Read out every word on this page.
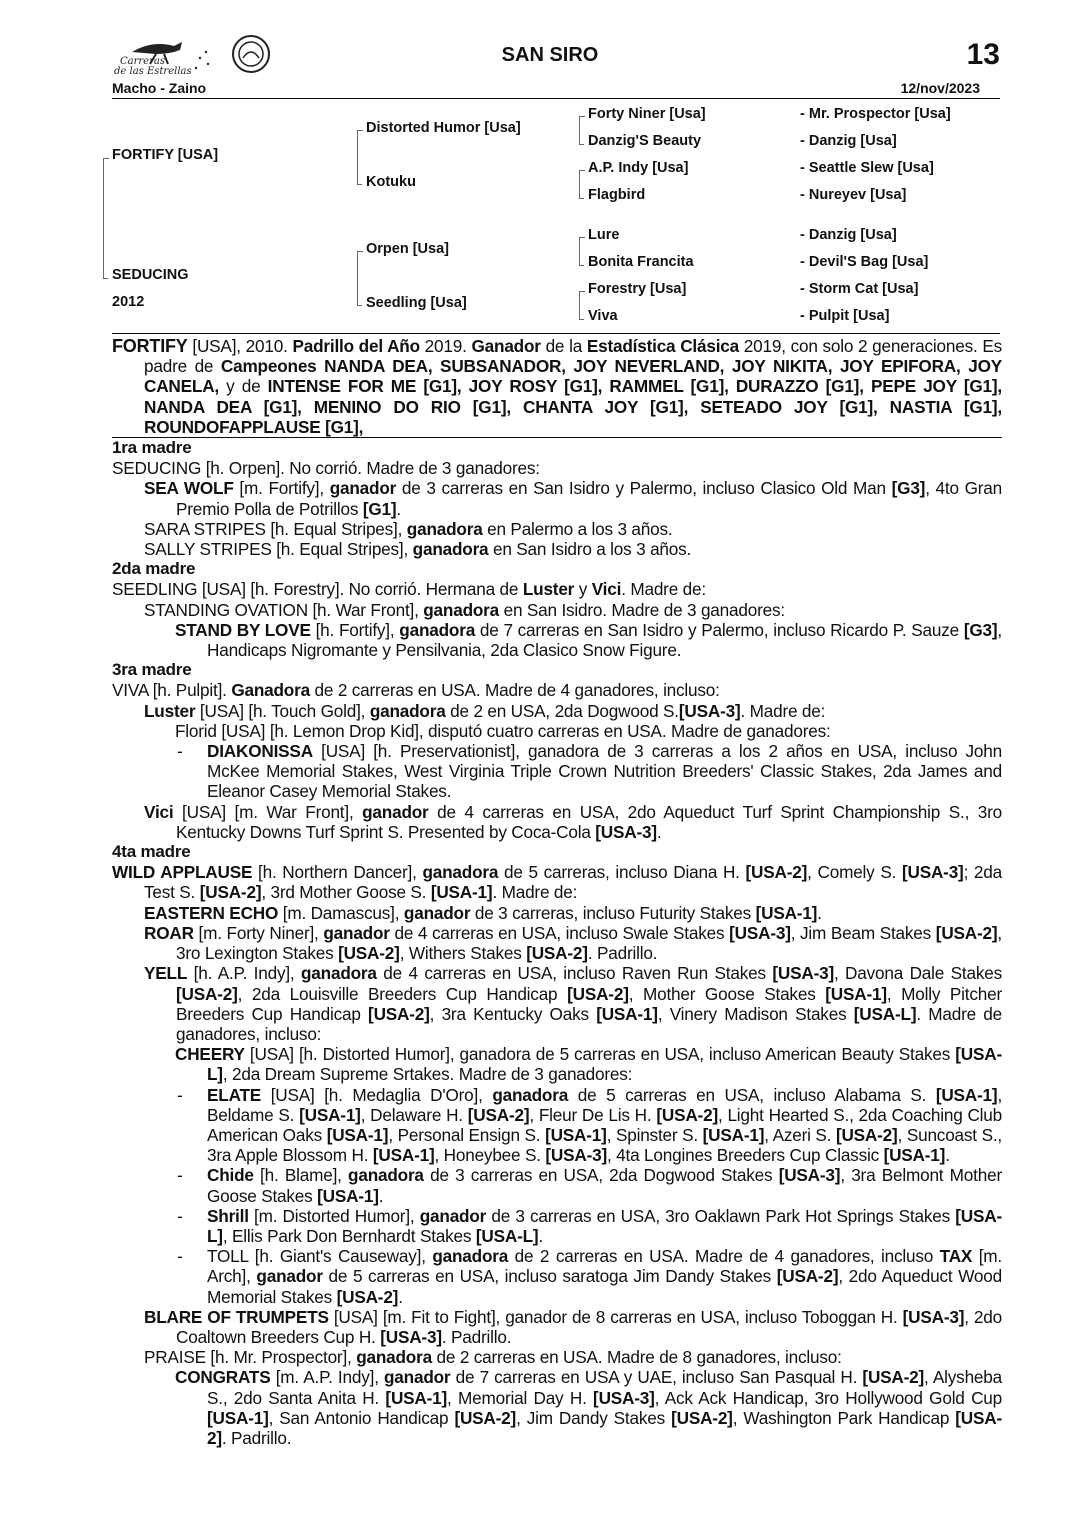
Carreras
de las Estrellas
SAN SIRO	13
Macho - Zaino	12/nov/2023
FORTIFY [USA]
SEDUCING
2012
Distorted Humor [Usa]
Kotuku
Orpen [Usa]
Seedling [Usa]
Forty Niner [Usa]
Danzig'S Beauty
A.P. Indy [Usa]
Flagbird
Lure
Bonita Francita
Forestry [Usa]
Viva
- Mr. Prospector [Usa]
- Danzig [Usa]
- Seattle Slew [Usa]
- Nureyev [Usa]
- Danzig [Usa]
- Devil'S Bag [Usa]
- Storm Cat [Usa]
- Pulpit [Usa]

FORTIFY [USA], 2010. Padrillo del Año 2019. Ganador de la Estadística Clásica 2019, con solo 2 generaciones. Es padre de Campeones NANDA DEA, SUBSANADOR, JOY NEVERLAND, JOY NIKITA, JOY EPIFORA, JOY CANELA, y de INTENSE FOR ME [G1], JOY ROSY [G1], RAMMEL [G1], DURAZZO [G1], PEPE JOY [G1], NANDA DEA [G1], MENINO DO RIO [G1], CHANTA JOY [G1], SETEADO JOY [G1], NASTIA [G1], ROUNDOFAPPLAUSE [G1],

1ra madre

SEDUCING [h. Orpen]. No corrió. Madre de 3 ganadores:

SEA WOLF [m. Fortify], ganador de 3 carreras en San Isidro y Palermo, incluso Clasico Old Man [G3], 4to Gran Premio Polla de Potrillos [G1].

SARA STRIPES [h. Equal Stripes], ganadora en Palermo a los 3 años.

SALLY STRIPES [h. Equal Stripes], ganadora en San Isidro a los 3 años.

2da madre

SEEDLING [USA] [h. Forestry]. No corrió. Hermana de Luster y Vici. Madre de:

STANDING OVATION [h. War Front], ganadora en San Isidro. Madre de 3 ganadores:

STAND BY LOVE [h. Fortify], ganadora de 7 carreras en San Isidro y Palermo, incluso Ricardo P. Sauze [G3], Handicaps Nigromante y Pensilvania, 2da Clasico Snow Figure.

3ra madre

VIVA [h. Pulpit]. Ganadora de 2 carreras en USA. Madre de 4 ganadores, incluso:

Luster [USA] [h. Touch Gold], ganadora de 2 en USA, 2da Dogwood S.[USA-3]. Madre de:

Florid [USA] [h. Lemon Drop Kid], disputó cuatro carreras en USA. Madre de ganadores:

- DIAKONISSA [USA] [h. Preservationist], ganadora de 3 carreras a los 2 años en USA, incluso John McKee Memorial Stakes, West Virginia Triple Crown Nutrition Breeders' Classic Stakes, 2da James and Eleanor Casey Memorial Stakes.

Vici [USA] [m. War Front], ganador de 4 carreras en USA, 2do Aqueduct Turf Sprint Championship S., 3ro Kentucky Downs Turf Sprint S. Presented by Coca-Cola [USA-3].

4ta madre

WILD APPLAUSE [h. Northern Dancer], ganadora de 5 carreras, incluso Diana H. [USA-2], Comely S. [USA-3]; 2da Test S. [USA-2], 3rd Mother Goose S. [USA-1]. Madre de:

EASTERN ECHO [m. Damascus], ganador de 3 carreras, incluso Futurity Stakes [USA-1].

ROAR [m. Forty Niner], ganador de 4 carreras en USA, incluso Swale Stakes [USA-3], Jim Beam Stakes [USA-2], 3ro Lexington Stakes [USA-2], Withers Stakes [USA-2]. Padrillo.

YELL [h. A.P. Indy], ganadora de 4 carreras en USA, incluso Raven Run Stakes [USA-3], Davona Dale Stakes [USA-2], 2da Louisville Breeders Cup Handicap [USA-2], Mother Goose Stakes [USA-1], Molly Pitcher Breeders Cup Handicap [USA-2], 3ra Kentucky Oaks [USA-1], Vinery Madison Stakes [USA-L]. Madre de ganadores, incluso:

CHEERY [USA] [h. Distorted Humor], ganadora de 5 carreras en USA, incluso American Beauty Stakes [USA-L], 2da Dream Supreme Srtakes. Madre de 3 ganadores:

- ELATE [USA] [h. Medaglia D'Oro], ganadora de 5 carreras en USA, incluso Alabama S. [USA-1], Beldame S. [USA-1], Delaware H. [USA-2], Fleur De Lis H. [USA-2], Light Hearted S., 2da Coaching Club American Oaks [USA-1], Personal Ensign S. [USA-1], Spinster S. [USA-1], Azeri S. [USA-2], Suncoast S., 3ra Apple Blossom H. [USA-1], Honeybee S. [USA-3], 4ta Longines Breeders Cup Classic [USA-1].

- Chide [h. Blame], ganadora de 3 carreras en USA, 2da Dogwood Stakes [USA-3], 3ra Belmont Mother Goose Stakes [USA-1].

- Shrill [m. Distorted Humor], ganador de 3 carreras en USA, 3ro Oaklawn Park Hot Springs Stakes [USA-L], Ellis Park Don Bernhardt Stakes [USA-L].

- TOLL [h. Giant's Causeway], ganadora de 2 carreras en USA. Madre de 4 ganadores, incluso TAX [m. Arch], ganador de 5 carreras en USA, incluso saratoga Jim Dandy Stakes [USA-2], 2do Aqueduct Wood Memorial Stakes [USA-2].

BLARE OF TRUMPETS [USA] [m. Fit to Fight], ganador de 8 carreras en USA, incluso Toboggan H. [USA-3], 2do Coaltown Breeders Cup H. [USA-3]. Padrillo.

PRAISE [h. Mr. Prospector], ganadora de 2 carreras en USA. Madre de 8 ganadores, incluso:

CONGRATS [m. A.P. Indy], ganador de 7 carreras en USA y UAE, incluso San Pasqual H. [USA-2], Alysheba S., 2do Santa Anita H. [USA-1], Memorial Day H. [USA-3], Ack Ack Handicap, 3ro Hollywood Gold Cup [USA-1], San Antonio Handicap [USA-2], Jim Dandy Stakes [USA-2], Washington Park Handicap [USA-2]. Padrillo.
